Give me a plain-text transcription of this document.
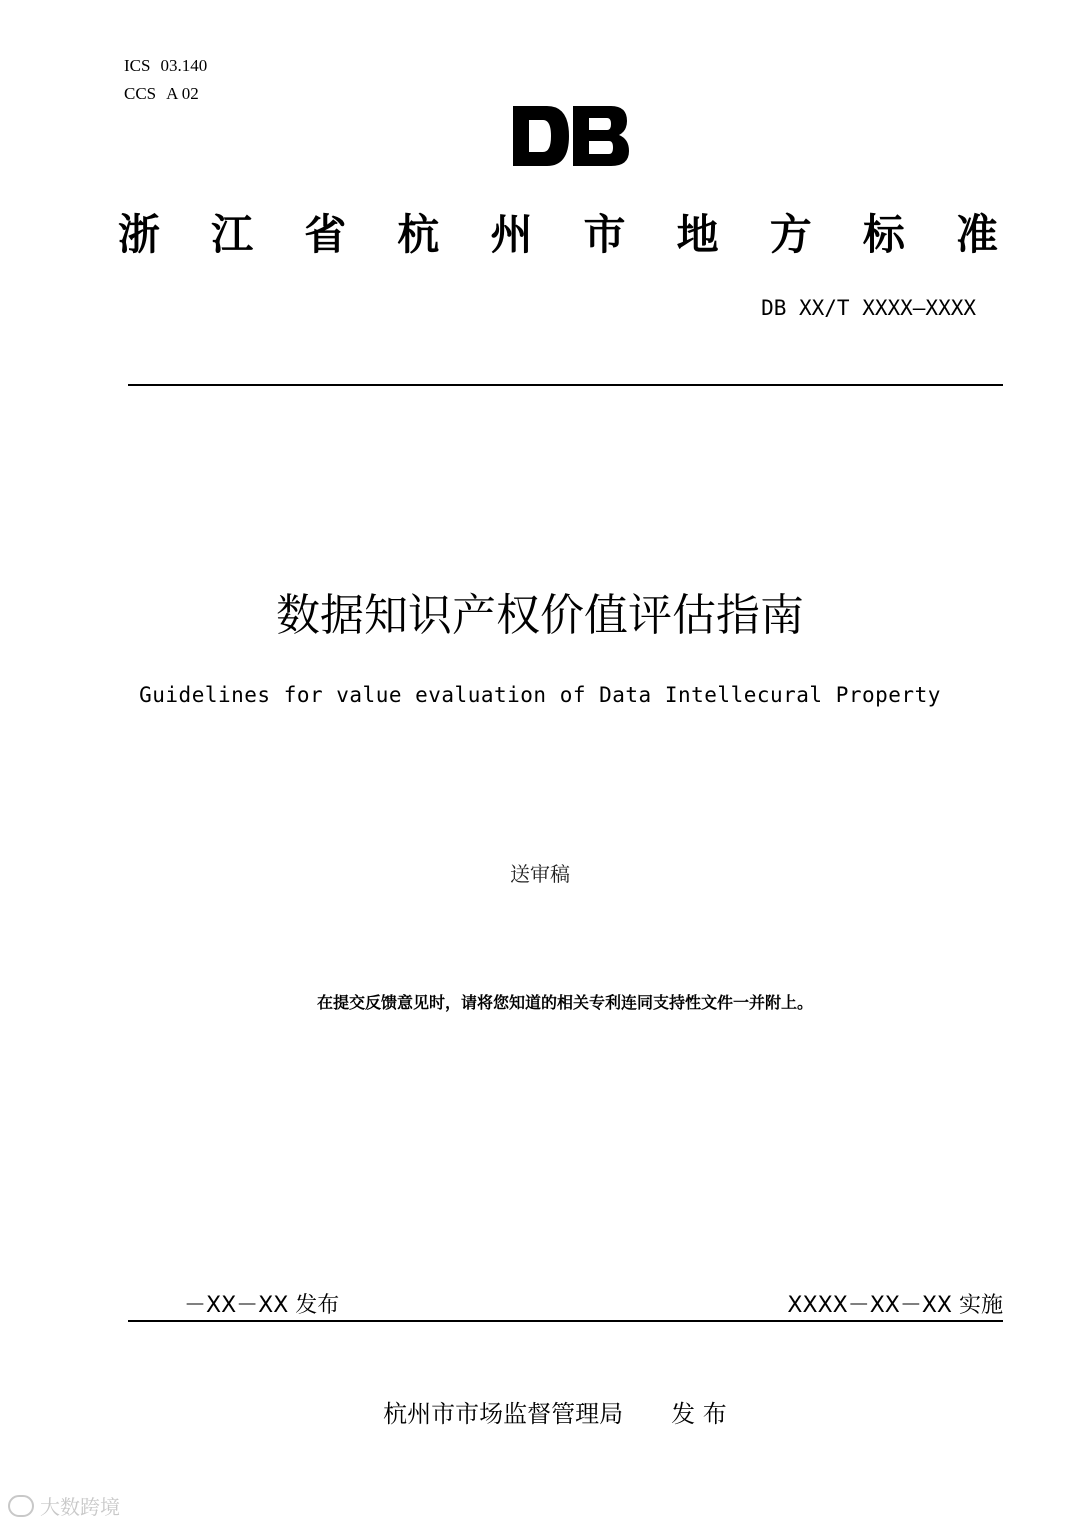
ICS 03.140
CCS A 02
浙 江 省 杭 州 市 地 方 标 准
DB XX/T XXXX—XXXX
数据知识产权价值评估指南
Guidelines for value evaluation of Data Intellecural Property
送审稿
在提交反馈意见时，请将您知道的相关专利连同支持性文件一并附上。
－XX－XX 发布	XXXX－XX－XX 实施
杭州市市场监督管理局　　发 布
大数跨境
